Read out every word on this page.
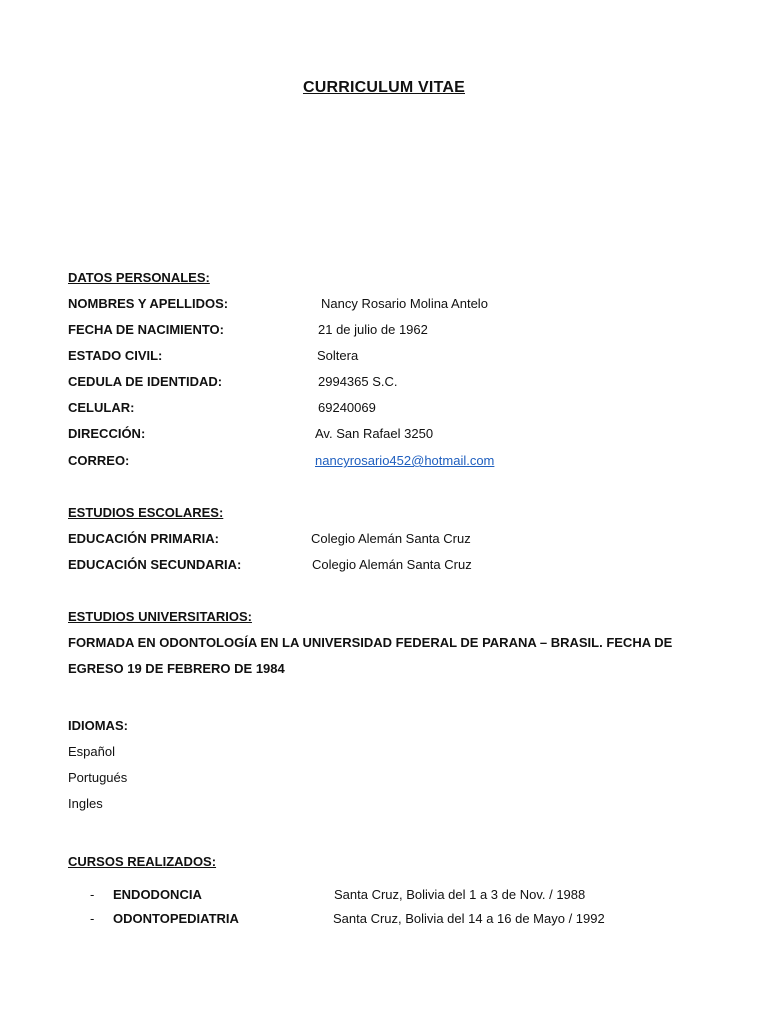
CURRICULUM VITAE
DATOS PERSONALES:
NOMBRES Y APELLIDOS:	Nancy Rosario Molina Antelo
FECHA DE NACIMIENTO:	21 de julio de 1962
ESTADO CIVIL:	Soltera
CEDULA DE IDENTIDAD:	2994365 S.C.
CELULAR:	69240069
DIRECCIÓN:	Av. San Rafael 3250
CORREO:	nancyrosario452@hotmail.com
ESTUDIOS ESCOLARES:
EDUCACIÓN PRIMARIA:	Colegio Alemán Santa Cruz
EDUCACIÓN SECUNDARIA:	Colegio Alemán Santa Cruz
ESTUDIOS UNIVERSITARIOS:
FORMADA EN ODONTOLOGÍA EN LA UNIVERSIDAD FEDERAL DE PARANA – BRASIL. FECHA DE EGRESO 19 DE FEBRERO DE 1984
IDIOMAS:
Español
Portugués
Ingles
CURSOS REALIZADOS:
- ENDODONCIA	Santa Cruz, Bolivia del 1 a 3 de Nov. / 1988
- ODONTOPEDIATRIA	Santa Cruz, Bolivia del 14 a 16 de Mayo / 1992
